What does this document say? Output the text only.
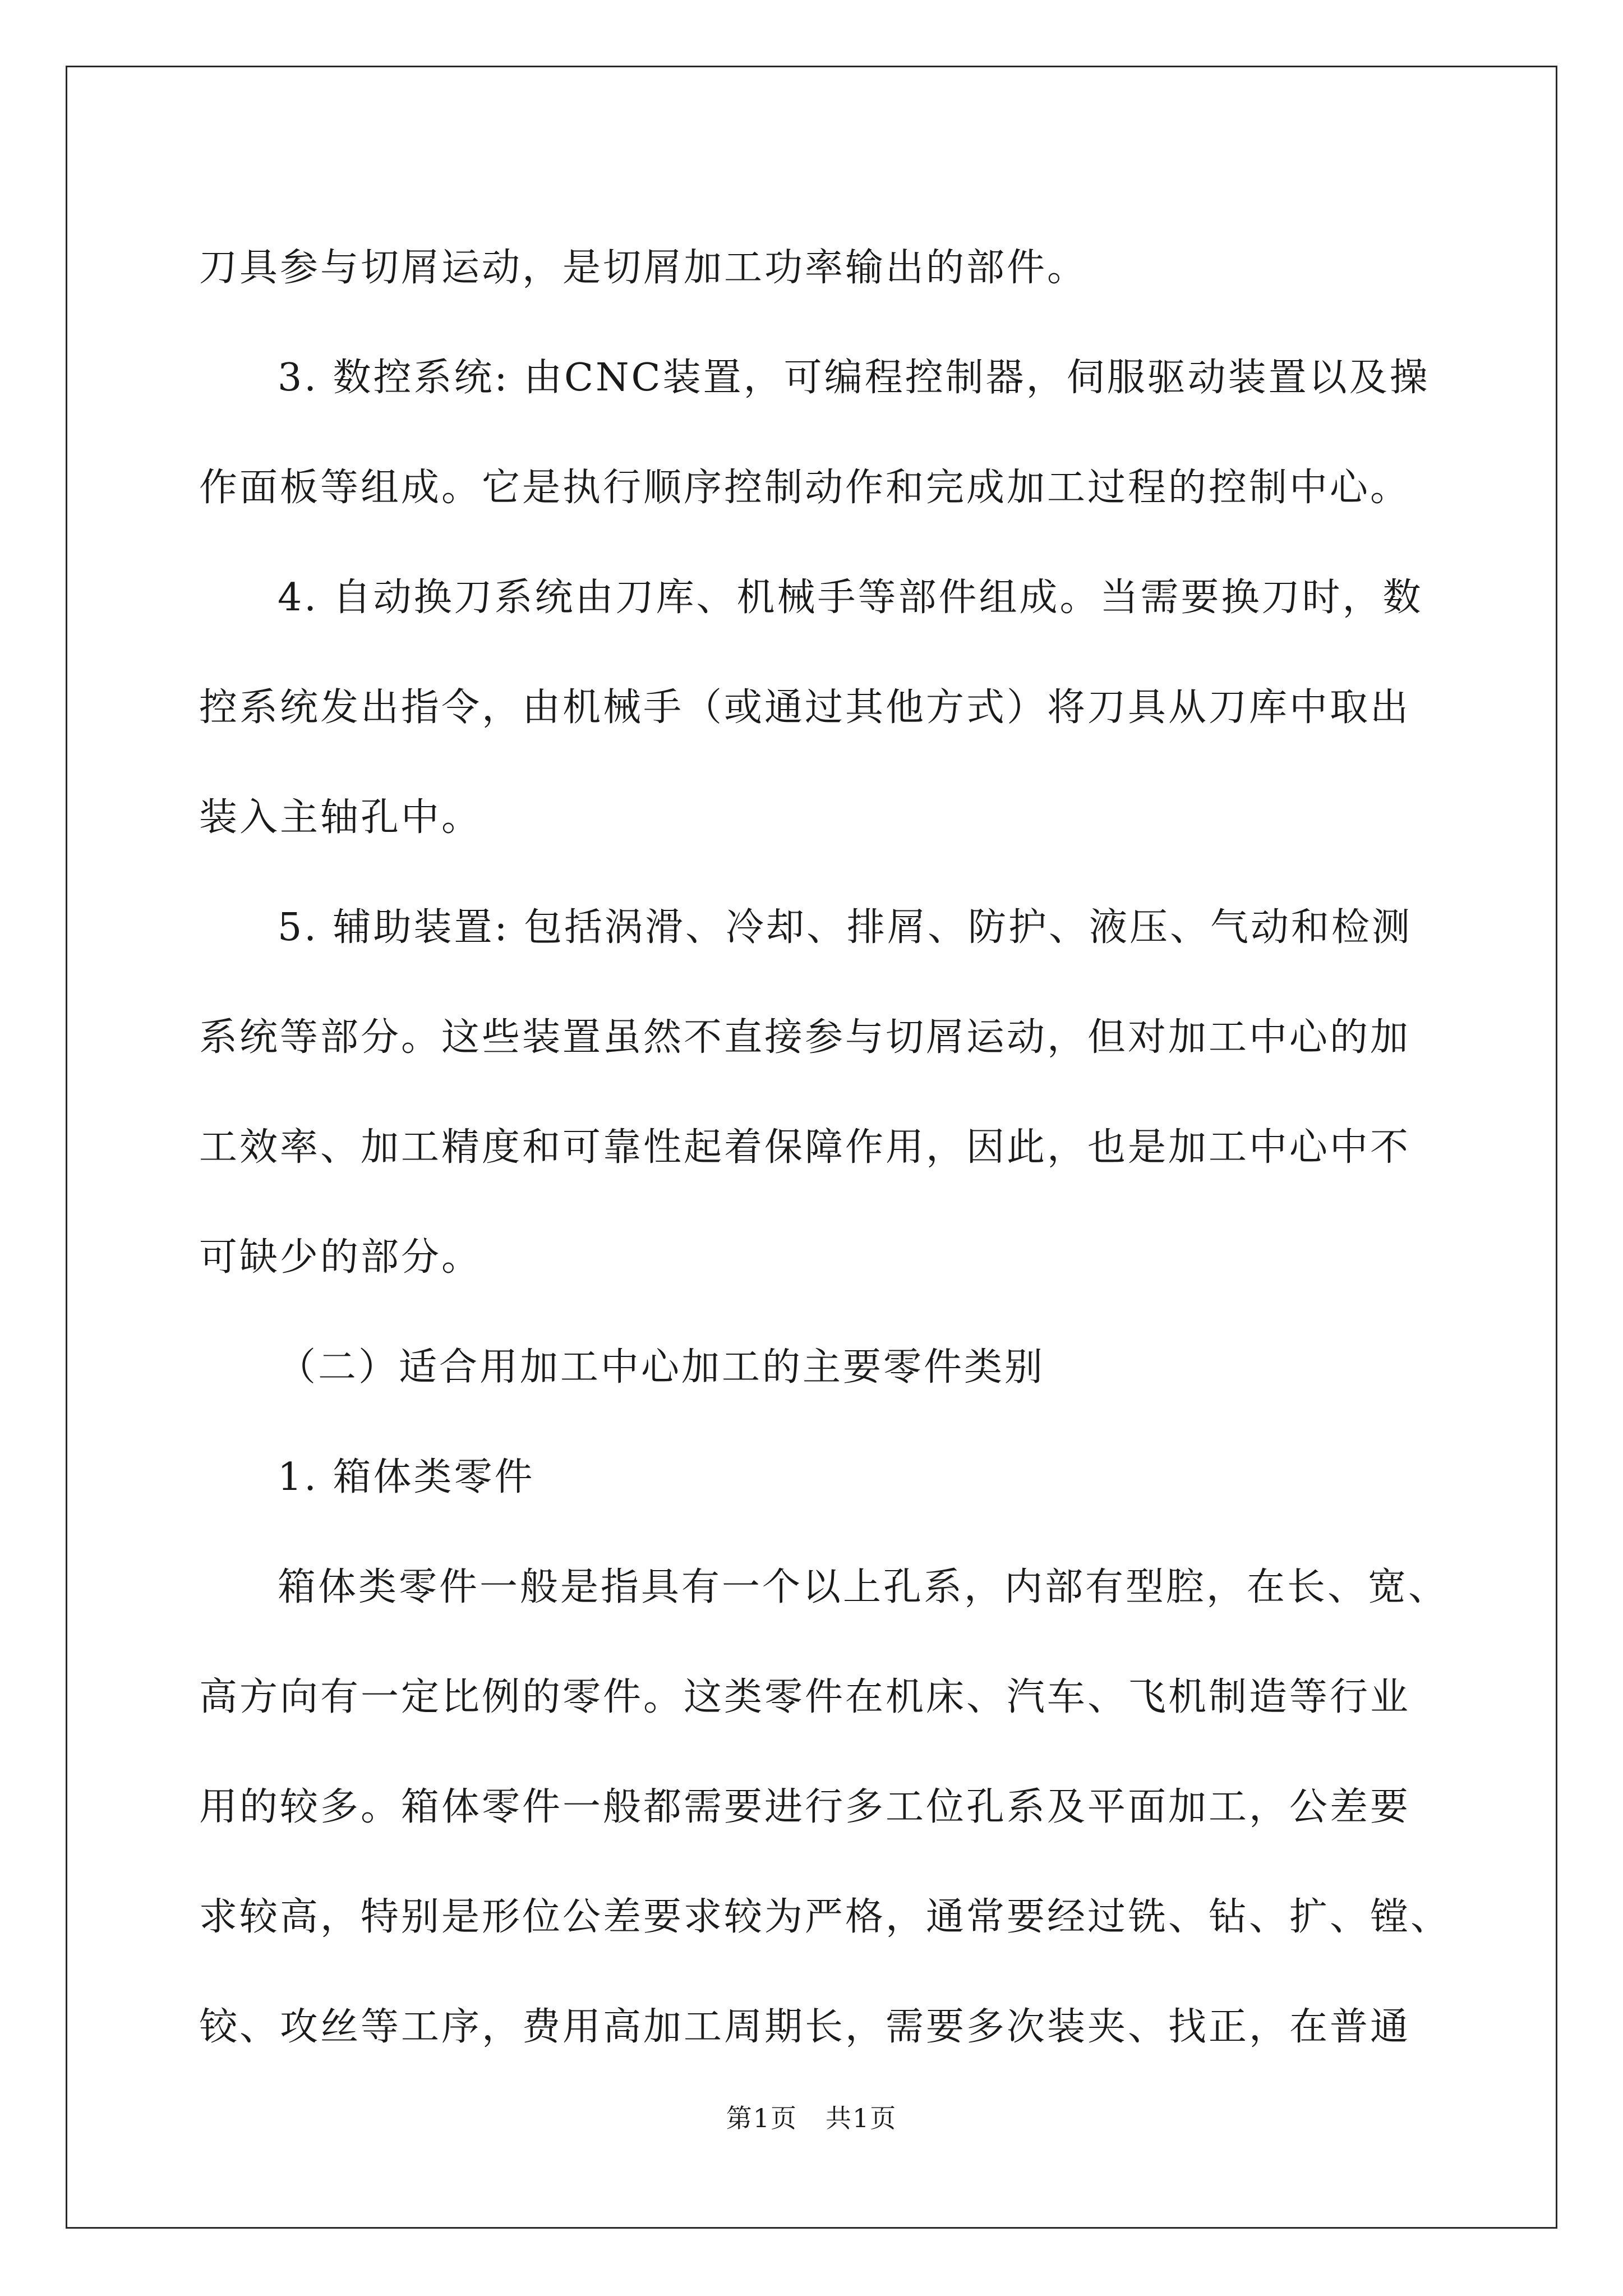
刀具参与切屑运动，是切屑加工功率输出的部件。
3. 数控系统: 由CNC装置，可编程控制器，伺服驱动装置以及操
作面板等组成。它是执行顺序控制动作和完成加工过程的控制中心。
4. 自动换刀系统由刀库、机械手等部件组成。当需要换刀时，数
控系统发出指令，由机械手（或通过其他方式）将刀具从刀库中取出
装入主轴孔中。
5. 辅助装置: 包括涡滑、冷却、排屑、防护、液压、气动和检测
系统等部分。这些装置虽然不直接参与切屑运动，但对加工中心的加
工效率、加工精度和可靠性起着保障作用，因此，也是加工中心中不
可缺少的部分。
（二）适合用加工中心加工的主要零件类别
1. 箱体类零件
箱体类零件一般是指具有一个以上孔系，内部有型腔，在长、宽、
高方向有一定比例的零件。这类零件在机床、汽车、飞机制造等行业
用的较多。箱体零件一般都需要进行多工位孔系及平面加工，公差要
求较高，特别是形位公差要求较为严格，通常要经过铣、钻、扩、镗、
铰、攻丝等工序，费用高加工周期长，需要多次装夹、找正，在普通
第1页 共1页
